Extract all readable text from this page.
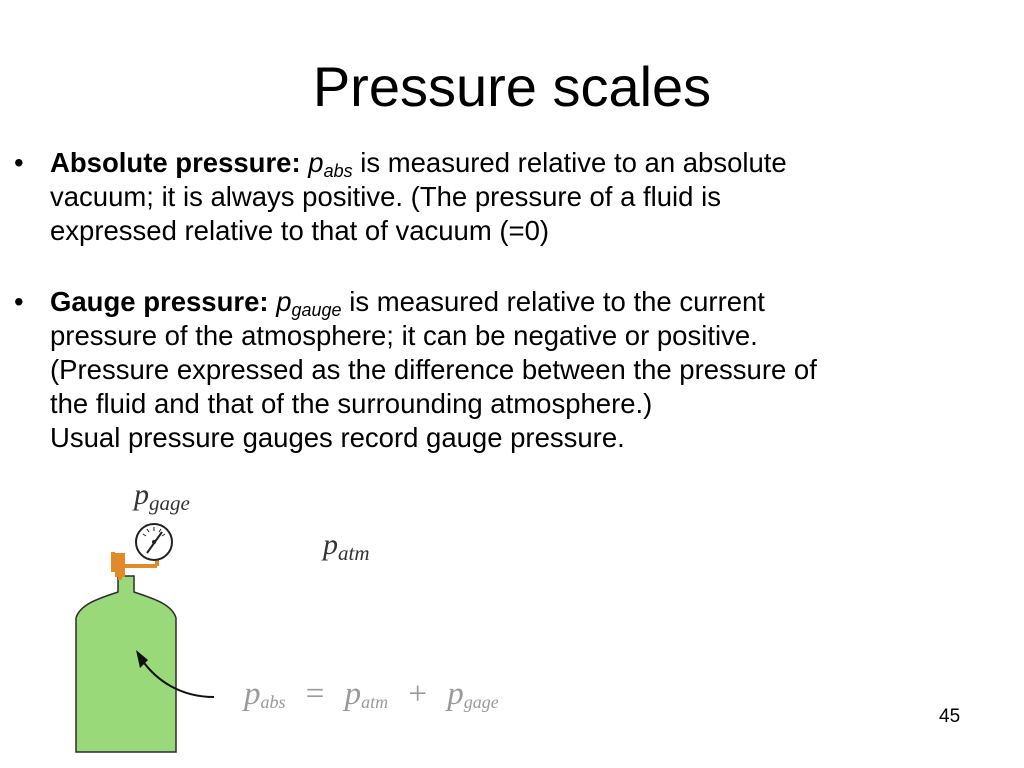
Pressure scales
• Absolute pressure: $p_{abs}$ is measured relative to an absolute
vacuum; it is always positive. (The pressure of a fluid is
expressed relative to that of vacuum (=0)
• Gauge pressure: $p_{gauge}$ is measured relative to the current
pressure of the atmosphere; it can be negative or positive.
(Pressure expressed as the difference between the pressure of
the fluid and that of the surrounding atmosphere.)
Usual pressure gauges record gauge pressure.
$p_{gage}$
$p_{atm}$
$p_{abs} = p_{atm} + p_{gage}$
45
